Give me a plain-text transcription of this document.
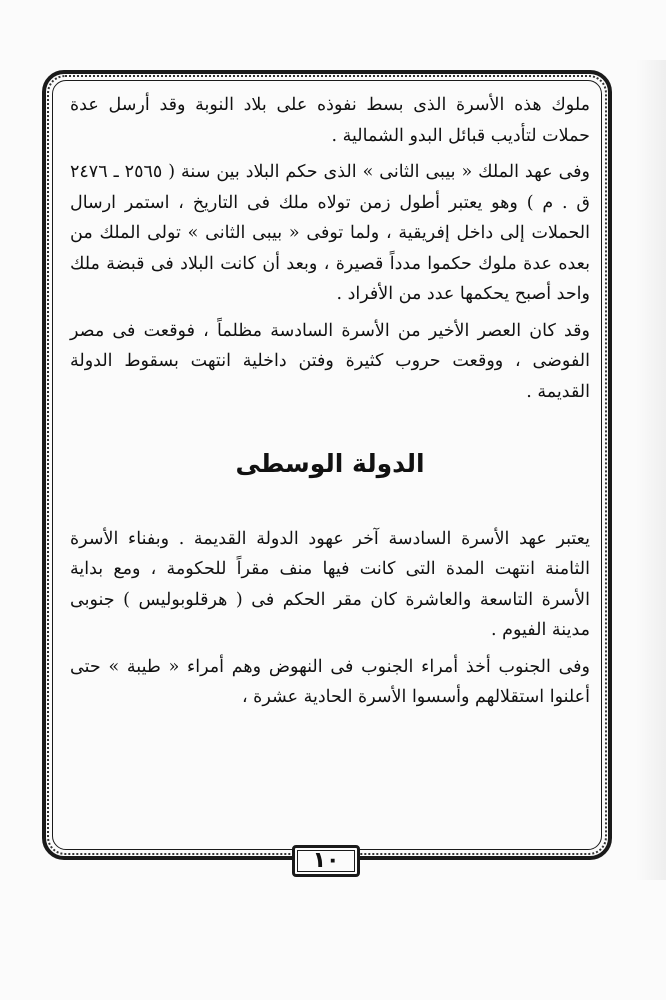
ملوك هذه الأسرة الذى بسط نفوذه على بلاد النوبة وقد أرسل عدة حملات لتأديب قبائل البدو الشمالية .

وفى عهد الملك « بيبى الثانى » الذى حكم البلاد بين سنة ( ٢٥٦٥ ـ ٢٤٧٦ ق . م ) وهو يعتبر أطول زمن تولاه ملك فى التاريخ ، استمر ارسال الحملات إلى داخل إفريقية ، ولما توفى « بيبى الثانى » تولى الملك من بعده عدة ملوك حكموا مدداً قصيرة ، وبعد أن كانت البلاد فى قبضة ملك واحد أصبح يحكمها عدد من الأفراد .

وقد كان العصر الأخير من الأسرة السادسة مظلماً ، فوقعت فى مصر الفوضى ، ووقعت حروب كثيرة وفتن داخلية انتهت بسقوط الدولة القديمة .

الدولة الوسطى

يعتبر عهد الأسرة السادسة آخر عهود الدولة القديمة . وبفناء الأسرة الثامنة انتهت المدة التى كانت فيها منف مقراً للحكومة ، ومع بداية الأسرة التاسعة والعاشرة كان مقر الحكم فى ( هرقلوبوليس ) جنوبى مدينة الفيوم .

وفى الجنوب أخذ أمراء الجنوب فى النهوض وهم أمراء « طيبة » حتى أعلنوا استقلالهم وأسسوا الأسرة الحادية عشرة ،

١٠
